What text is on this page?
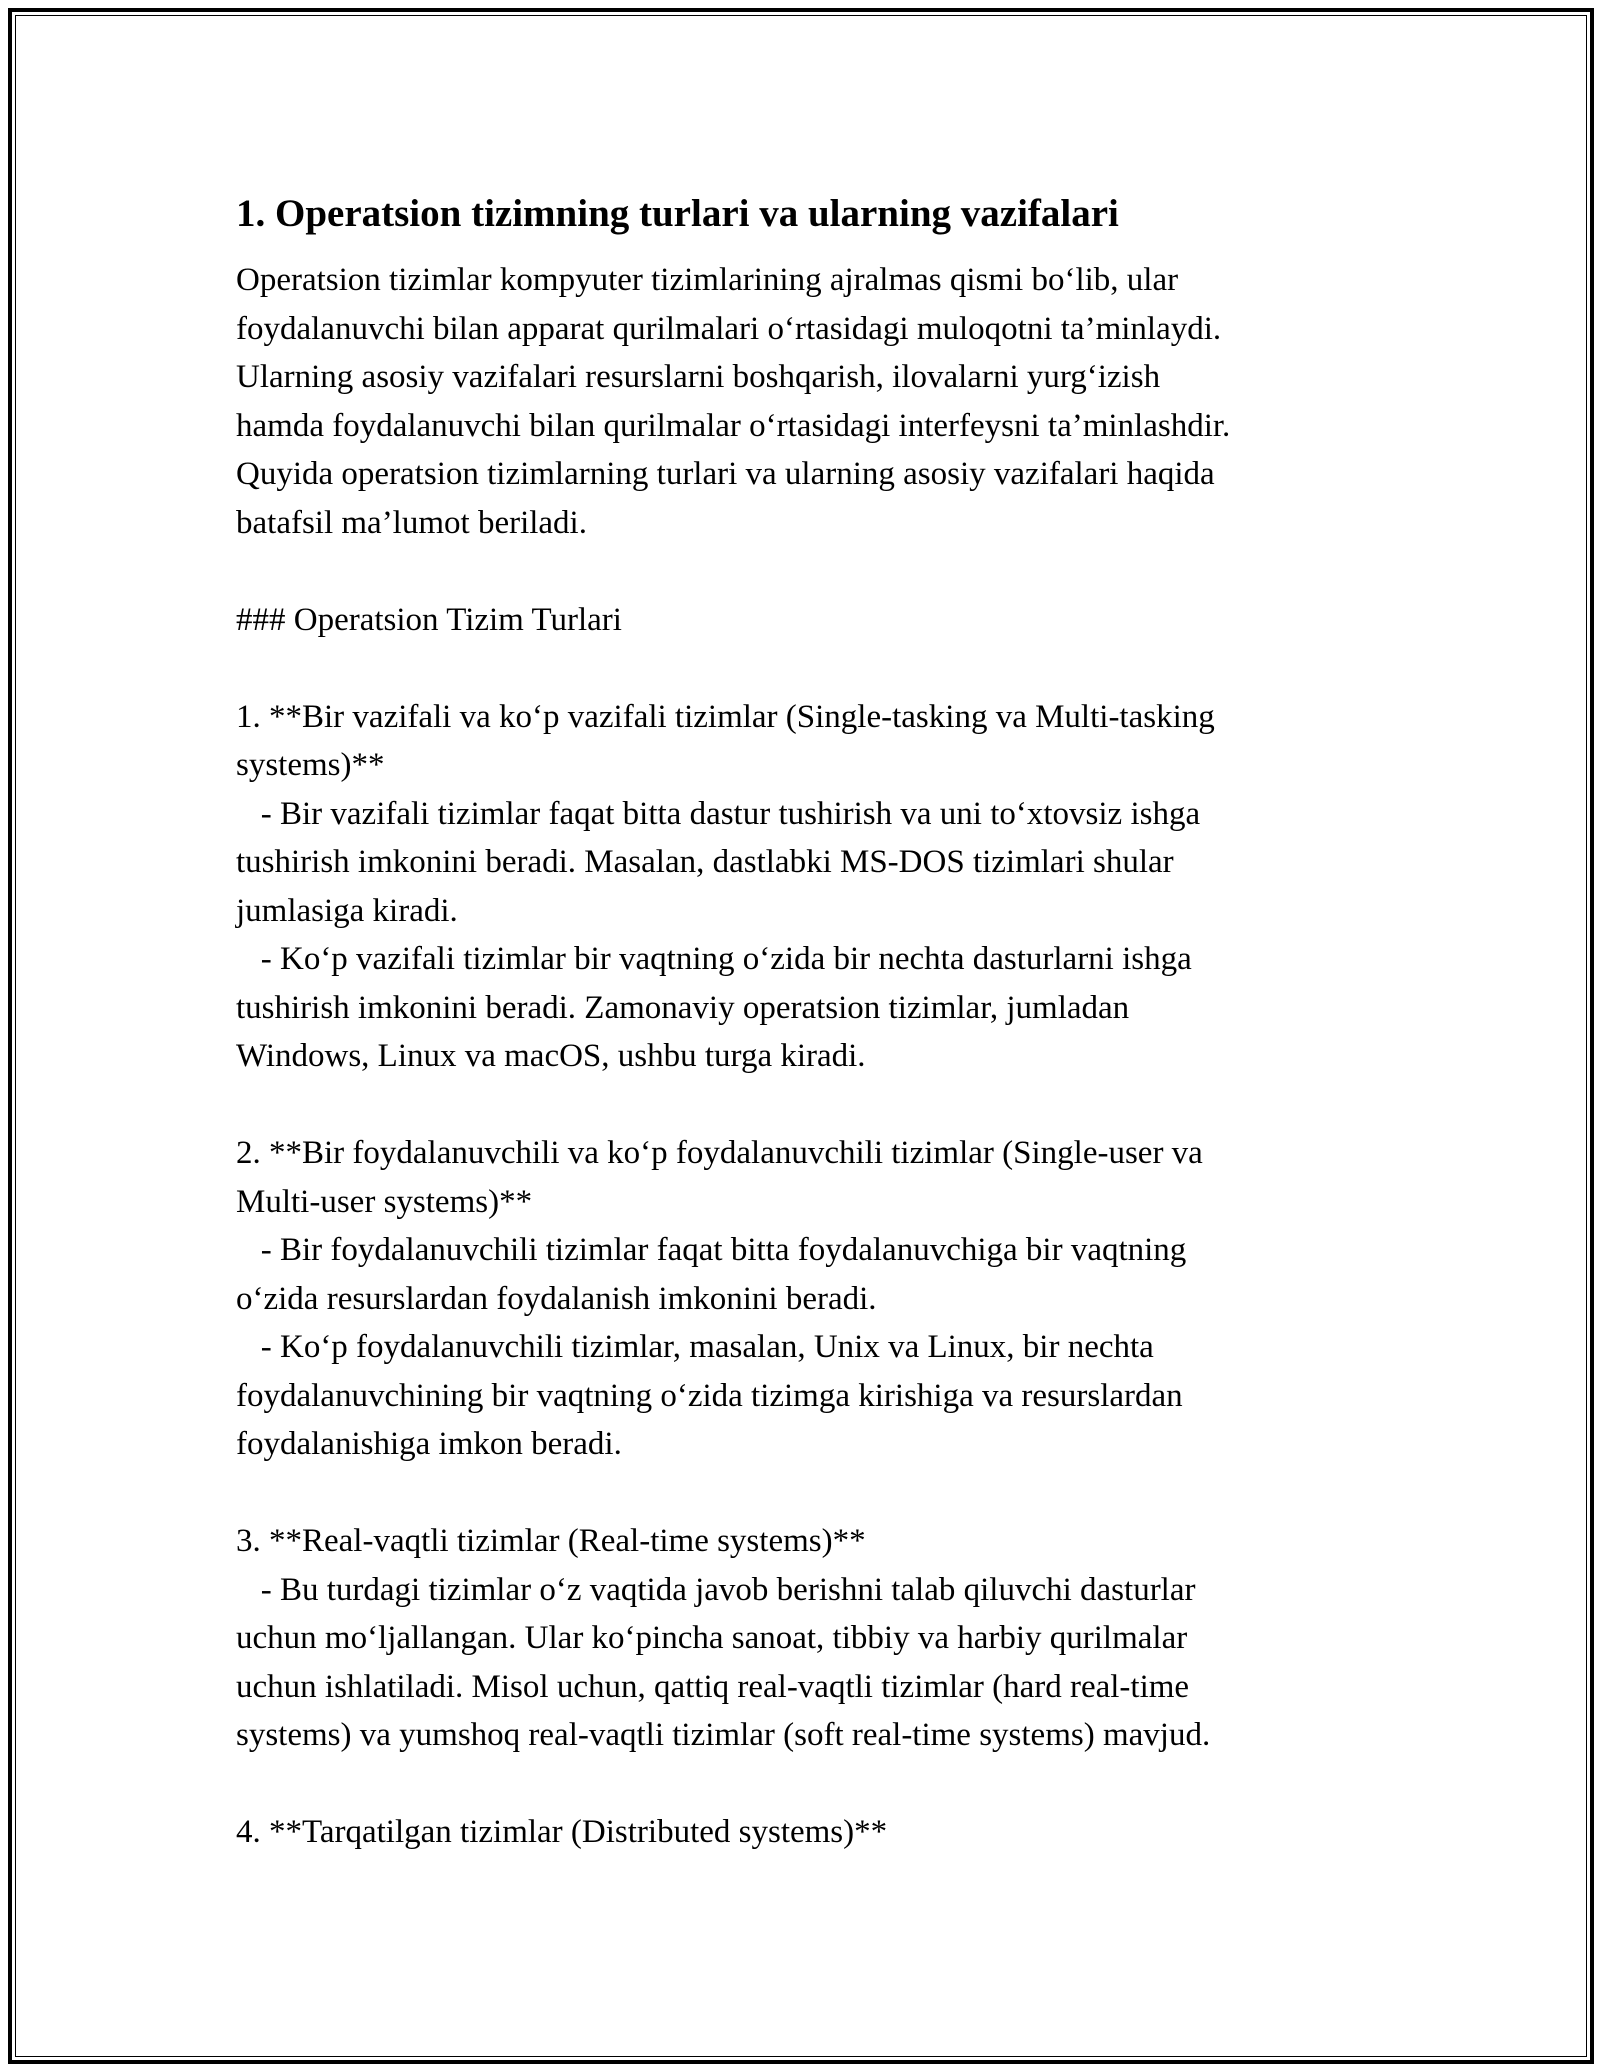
1. Operatsion tizimning turlari va ularning vazifalari
Operatsion tizimlar kompyuter tizimlarining ajralmas qismi bo‘lib, ular
foydalanuvchi bilan apparat qurilmalari o‘rtasidagi muloqotni ta’minlaydi.
Ularning asosiy vazifalari resurslarni boshqarish, ilovalarni yurg‘izish
hamda foydalanuvchi bilan qurilmalar o‘rtasidagi interfeysni ta’minlashdir.
Quyida operatsion tizimlarning turlari va ularning asosiy vazifalari haqida
batafsil ma’lumot beriladi.
### Operatsion Tizim Turlari
1. **Bir vazifali va ko‘p vazifali tizimlar (Single-tasking va Multi-tasking
systems)**
- Bir vazifali tizimlar faqat bitta dastur tushirish va uni to‘xtovsiz ishga
tushirish imkonini beradi. Masalan, dastlabki MS-DOS tizimlari shular
jumlasiga kiradi.
- Ko‘p vazifali tizimlar bir vaqtning o‘zida bir nechta dasturlarni ishga
tushirish imkonini beradi. Zamonaviy operatsion tizimlar, jumladan
Windows, Linux va macOS, ushbu turga kiradi.
2. **Bir foydalanuvchili va ko‘p foydalanuvchili tizimlar (Single-user va
Multi-user systems)**
- Bir foydalanuvchili tizimlar faqat bitta foydalanuvchiga bir vaqtning
o‘zida resurslardan foydalanish imkonini beradi.
- Ko‘p foydalanuvchili tizimlar, masalan, Unix va Linux, bir nechta
foydalanuvchining bir vaqtning o‘zida tizimga kirishiga va resurslardan
foydalanishiga imkon beradi.
3. **Real-vaqtli tizimlar (Real-time systems)**
- Bu turdagi tizimlar o‘z vaqtida javob berishni talab qiluvchi dasturlar
uchun mo‘ljallangan. Ular ko‘pincha sanoat, tibbiy va harbiy qurilmalar
uchun ishlatiladi. Misol uchun, qattiq real-vaqtli tizimlar (hard real-time
systems) va yumshoq real-vaqtli tizimlar (soft real-time systems) mavjud.
4. **Tarqatilgan tizimlar (Distributed systems)**
